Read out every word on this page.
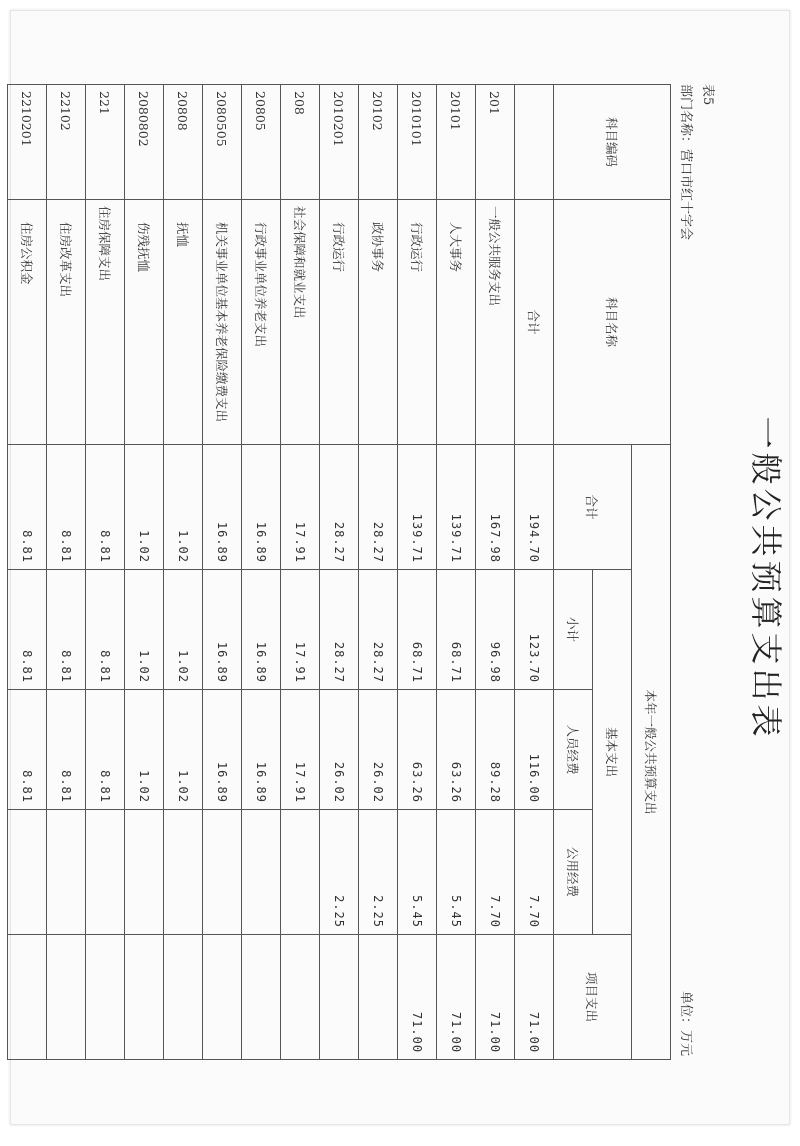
一般公共预算支出表
表5
部门名称：营口市红十字会
单位：万元
科目编码	科目名称	本年一般公共预算支出				
		合计	基本支出			项目支出
			小计	人员经费	公用经费	
	合计	194.70	123.70	116.00	7.70	71.00
201	一般公共服务支出	167.98	96.98	89.28	7.70	71.00
20101	人大事务	139.71	68.71	63.26	5.45	71.00
2010101	行政运行	139.71	68.71	63.26	5.45	71.00
20102	政协事务	28.27	28.27	26.02	2.25	
2010201	行政运行	28.27	28.27	26.02	2.25	
208	社会保障和就业支出	17.91	17.91	17.91		
20805	行政事业单位养老支出	16.89	16.89	16.89		
2080505	机关事业单位基本养老保险缴费支出	16.89	16.89	16.89		
20808	抚恤	1.02	1.02	1.02		
2080802	伤残抚恤	1.02	1.02	1.02		
221	住房保障支出	8.81	8.81	8.81		
22102	住房改革支出	8.81	8.81	8.81		
2210201	住房公积金	8.81	8.81	8.81		
